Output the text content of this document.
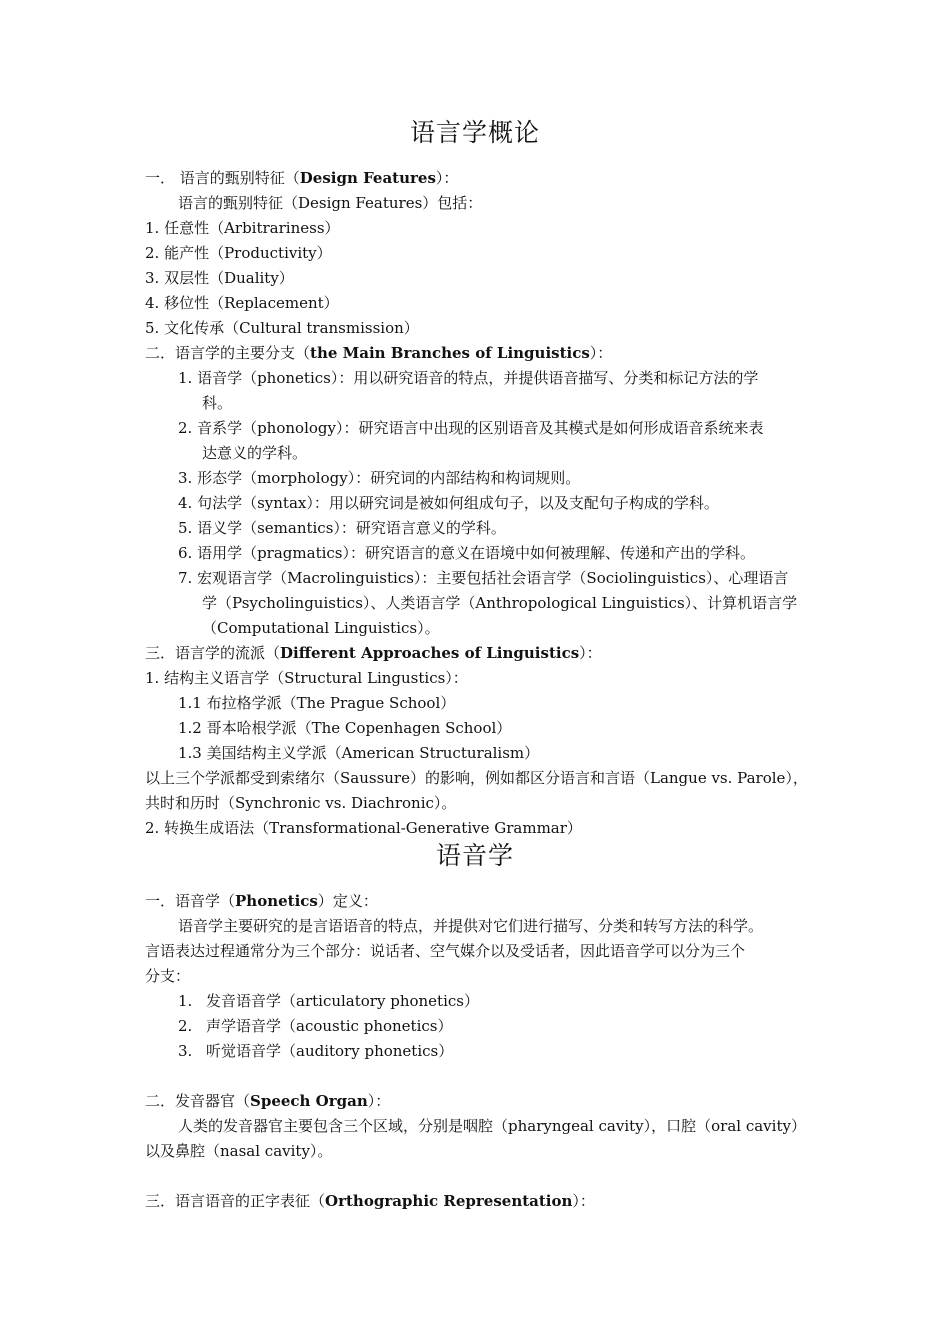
语言学概论
一． 语言的甄别特征（Design Features）：
语言的甄别特征（Design Features）包括：
1. 任意性（Arbitrariness）
2. 能产性（Productivity）
3. 双层性（Duality）
4. 移位性（Replacement）
5. 文化传承（Cultural transmission）
二．语言学的主要分支（the Main Branches of Linguistics）：
1. 语音学（phonetics）：用以研究语音的特点，并提供语音描写、分类和标记方法的学
科。
2. 音系学（phonology）：研究语言中出现的区别语音及其模式是如何形成语音系统来表
达意义的学科。
3. 形态学（morphology）：研究词的内部结构和构词规则。
4. 句法学（syntax）：用以研究词是被如何组成句子，以及支配句子构成的学科。
5. 语义学（semantics）：研究语言意义的学科。
6. 语用学（pragmatics）：研究语言的意义在语境中如何被理解、传递和产出的学科。
7. 宏观语言学（Macrolinguistics）：主要包括社会语言学（Sociolinguistics）、心理语言
学（Psycholinguistics）、人类语言学（Anthropological Linguistics）、计算机语言学
（Computational Linguistics）。
三．语言学的流派（Different Approaches of Linguistics）：
1. 结构主义语言学（Structural Lingustics）：
1.1 布拉格学派（The Prague School）
1.2 哥本哈根学派（The Copenhagen School）
1.3 美国结构主义学派（American Structuralism）
以上三个学派都受到索绪尔（Saussure）的影响，例如都区分语言和言语（Langue vs. Parole），
共时和历时（Synchronic vs. Diachronic）。
2. 转换生成语法（Transformational-Generative Grammar）
语音学
一．语音学（Phonetics）定义：
语音学主要研究的是言语语音的特点，并提供对它们进行描写、分类和转写方法的科学。
言语表达过程通常分为三个部分：说话者、空气媒介以及受话者，因此语音学可以分为三个
分支：
1. 发音语音学（articulatory phonetics）
2. 声学语音学（acoustic phonetics）
3. 听觉语音学（auditory phonetics）
二．发音器官（Speech Organ）：
人类的发音器官主要包含三个区域，分别是咽腔（pharyngeal cavity），口腔（oral cavity）
以及鼻腔（nasal cavity）。
三．语言语音的正字表征（Orthographic Representation）：
